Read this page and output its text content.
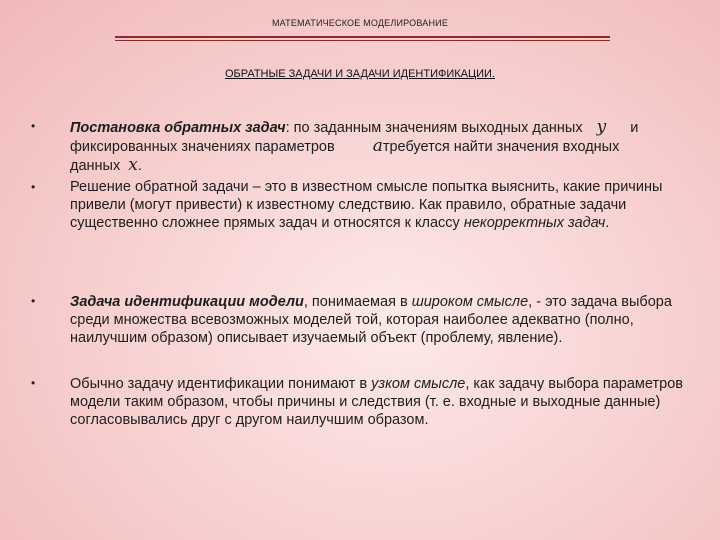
МАТЕМАТИЧЕСКОЕ МОДЕЛИРОВАНИЕ
ОБРАТНЫЕ ЗАДАЧИ И ЗАДАЧИ ИДЕНТИФИКАЦИИ.
• Постановка обратных задач: по заданным значениям выходных данных y и
фиксированных значениях параметров aтребуется найти значения входных
данных x.
• Решение обратной задачи – это в известном смысле попытка выяснить, какие причины привели (могут привести) к известному следствию. Как правило, обратные задачи существенно сложнее прямых задач и относятся к классу некорректных задач.
• Задача идентификации модели, понимаемая в широком смысле, - это задача выбора среди множества всевозможных моделей той, которая наиболее адекватно (полно, наилучшим образом) описывает изучаемый объект (проблему, явление).
• Обычно задачу идентификации понимают в узком смысле, как задачу выбора параметров модели таким образом, чтобы причины и следствия (т. е. входные и выходные данные) согласовывались друг с другом наилучшим образом.
